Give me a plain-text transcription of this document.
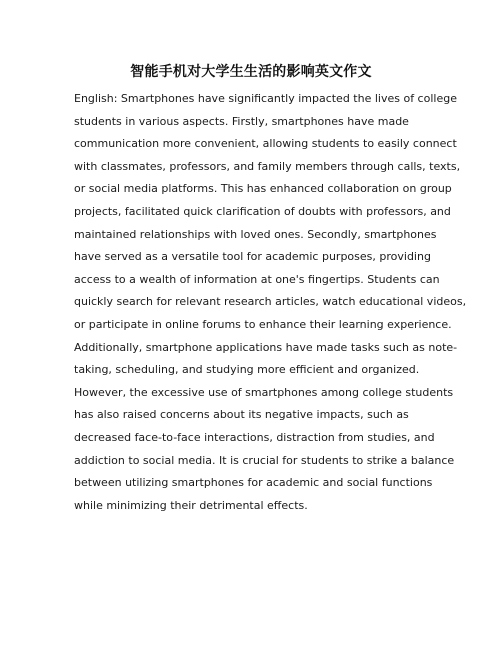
智能手机对大学生生活的影响英文作文
English: Smartphones have significantly impacted the lives of college
students in various aspects. Firstly, smartphones have made
communication more convenient, allowing students to easily connect
with classmates, professors, and family members through calls, texts,
or social media platforms. This has enhanced collaboration on group
projects, facilitated quick clarification of doubts with professors, and
maintained relationships with loved ones. Secondly, smartphones
have served as a versatile tool for academic purposes, providing
access to a wealth of information at one's fingertips. Students can
quickly search for relevant research articles, watch educational videos,
or participate in online forums to enhance their learning experience.
Additionally, smartphone applications have made tasks such as note-
taking, scheduling, and studying more efficient and organized.
However, the excessive use of smartphones among college students
has also raised concerns about its negative impacts, such as
decreased face-to-face interactions, distraction from studies, and
addiction to social media. It is crucial for students to strike a balance
between utilizing smartphones for academic and social functions
while minimizing their detrimental effects.
